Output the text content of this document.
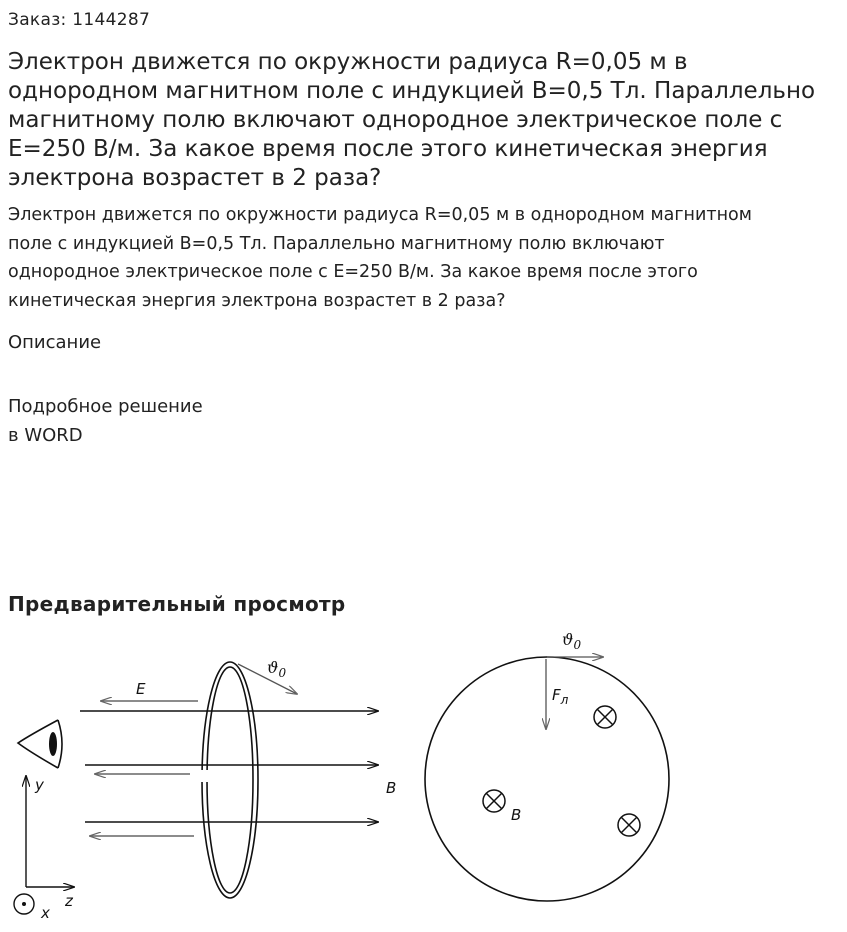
Заказ: 1144287
Электрон движется по окружности радиуса R=0,05 м в однородном магнитном поле с индукцией B=0,5 Тл. Параллельно магнитному полю включают однородное электрическое поле с E=250 В/м. За какое время после этого кинетическая энергия электрона возрастет в 2 раза?
Электрон движется по окружности радиуса R=0,05 м в однородном магнитном
поле с индукцией B=0,5 Тл. Параллельно магнитному полю включают
однородное электрическое поле с E=250 В/м. За какое время после этого
кинетическая энергия электрона возрастет в 2 раза?
Описание
Подробное решение
в WORD
Предварительный просмотр
E
$ϑ_0$
B
y
z
x
$ϑ_0$
$F_л$
B
